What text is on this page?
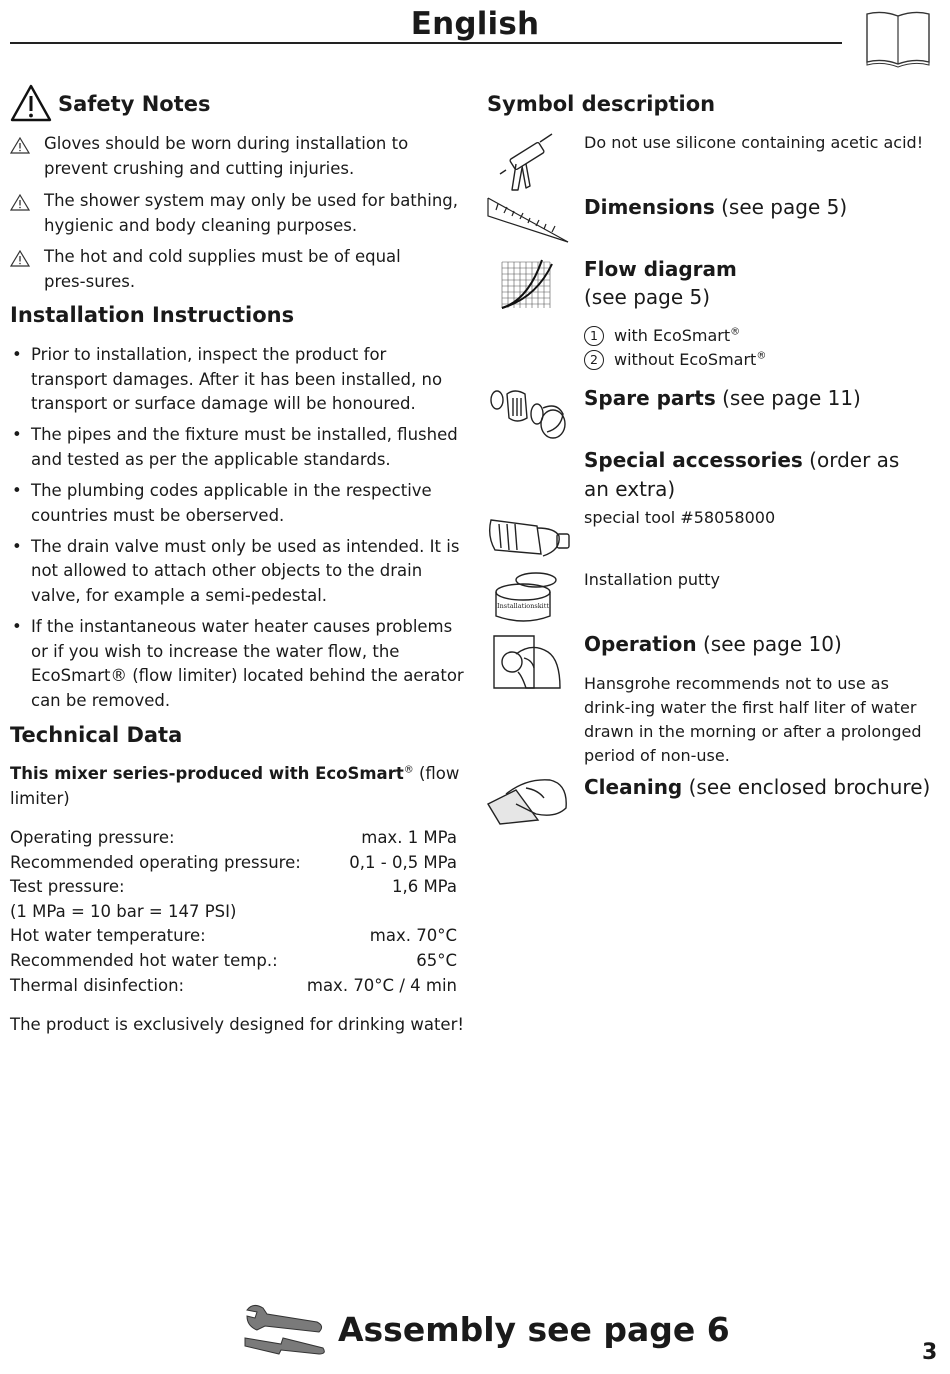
English
Safety Notes
Gloves should be worn during installation to prevent crushing and cutting injuries.
The shower system may only be used for bathing, hygienic and body cleaning purposes.
The hot and cold supplies must be of equal pres-sures.
Installation Instructions
• Prior to installation, inspect the product for transport damages. After it has been installed, no transport or surface damage will be honoured.
• The pipes and the fixture must be installed, flushed and tested as per the applicable standards.
• The plumbing codes applicable in the respective countries must be oberserved.
• The drain valve must only be used as intended. It is not allowed to attach other objects to the drain valve, for example a semi-pedestal.
• If the instantaneous water heater causes problems or if you wish to increase the water flow, the EcoSmart® (flow limiter) located behind the aerator can be removed.
Technical Data
This mixer series-produced with EcoSmart® (flow limiter)
Operating pressure:	max. 1 MPa
Recommended operating pressure:	0,1 - 0,5 MPa
Test pressure:	1,6 MPa
(1 MPa = 10 bar = 147 PSI)
Hot water temperature:	max. 70°C
Recommended hot water temp.:	65°C
Thermal disinfection:	max. 70°C / 4 min
The product is exclusively designed for drinking water!
Symbol description
Do not use silicone containing acetic acid!
Dimensions (see page 5)
Flow diagram
(see page 5)
1 with EcoSmart®
2 without EcoSmart®
Spare parts (see page 11)
Special accessories (order as an extra)
special tool #58058000
Installationskitt
Installation putty
Operation (see page 10)
Hansgrohe recommends not to use as drink-ing water the first half liter of water drawn in the morning or after a prolonged period of non-use.
Cleaning (see enclosed brochure)
Assembly see page 6
3
